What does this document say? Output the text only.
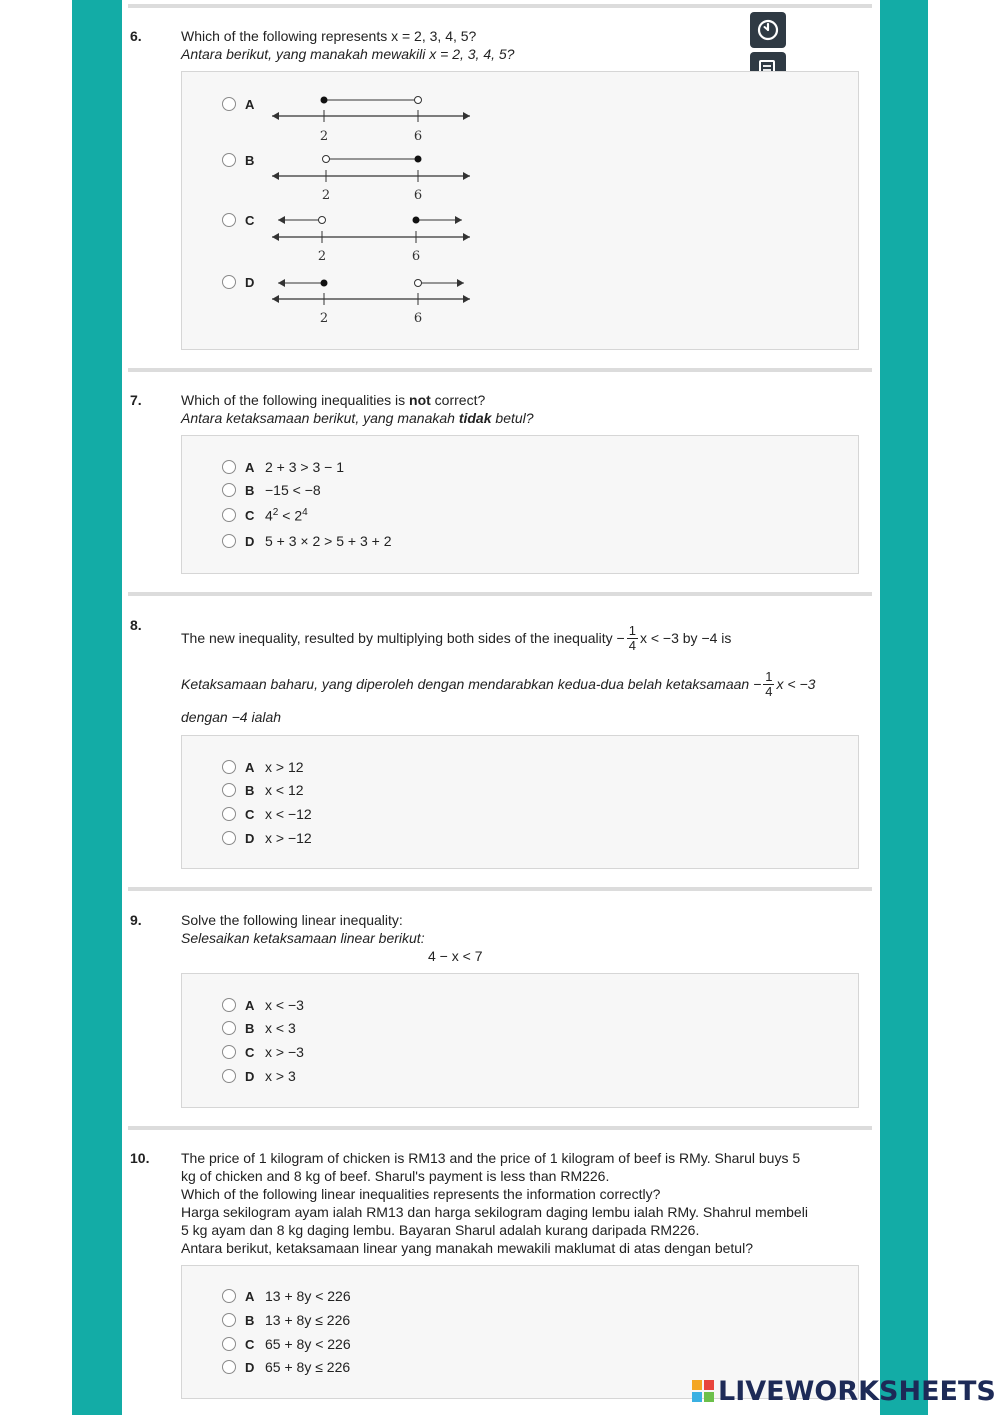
6.	Which of the following represents x = 2, 3, 4, 5?
Antara berikut, yang manakah mewakili x = 2, 3, 4, 5?
A
2	6
B
2	6
C
2	6
D
2	6
7.	Which of the following inequalities is not correct?
Antara ketaksamaan berikut, yang manakah tidak betul?
A 2 + 3 > 3 − 1
B −15 < −8
C $4^2 < 2^4$
D 5 + 3 × 2 > 5 + 3 + 2
8.
The new inequality, resulted by multiplying both sides of the inequality − $\frac{1}{4}$ x < −3 by −4 is
Ketaksamaan baharu, yang diperoleh dengan mendarabkan kedua-dua belah ketaksamaan − $\frac{1}{4}$ x < −3
dengan −4 ialah
A x > 12
B x < 12
C x < −12
D x > −12
9.	Solve the following linear inequality:
Selesaikan ketaksamaan linear berikut:
4 − x < 7
A x < −3
B x < 3
C x > −3
D x > 3
10. The price of 1 kilogram of chicken is RM13 and the price of 1 kilogram of beef is RMy. Sharul buys 5
kg of chicken and 8 kg of beef. Sharul's payment is less than RM226.
Which of the following linear inequalities represents the information correctly?
Harga sekilogram ayam ialah RM13 dan harga sekilogram daging lembu ialah RMy. Shahrul membeli
5 kg ayam dan 8 kg daging lembu. Bayaran Sharul adalah kurang daripada RM226.
Antara berikut, ketaksamaan linear yang manakah mewakili maklumat di atas dengan betul?
A 13 + 8y < 226
B 13 + 8y ≤ 226
C 65 + 8y < 226
D 65 + 8y ≤ 226
LIVEWORKSHEETS
